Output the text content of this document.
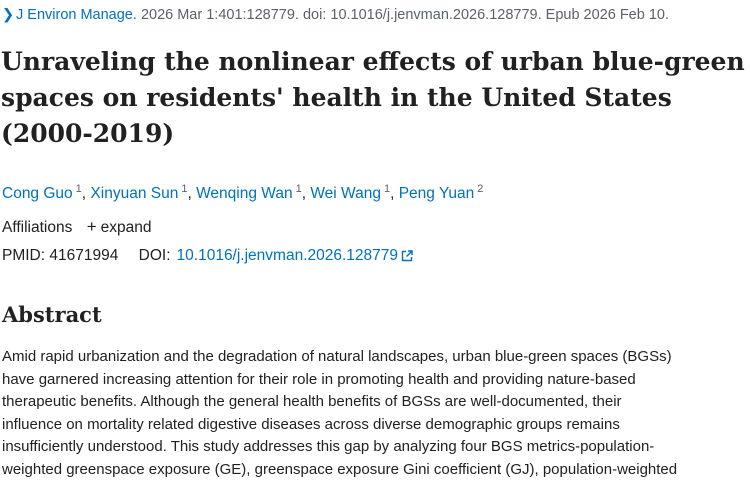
❯ J Environ Manage. 2026 Mar 1:401:128779. doi: 10.1016/j.jenvman.2026.128779. Epub 2026 Feb 10.
Unraveling the nonlinear effects of urban blue-green
spaces on residents' health in the United States
(2000-2019)
Cong Guo $^1$, Xinyuan Sun $^1$, Wenqing Wan $^1$, Wei Wang $^1$, Peng Yuan $^2$
Affiliations + expand
PMID: 41671994 DOI: 10.1016/j.jenvman.2026.128779
Abstract

Amid rapid urbanization and the degradation of natural landscapes, urban blue-green spaces (BGSs)
have garnered increasing attention for their role in promoting health and providing nature-based
therapeutic benefits. Although the general health benefits of BGSs are well-documented, their
influence on mortality related digestive diseases across diverse demographic groups remains
insufficiently understood. This study addresses this gap by analyzing four BGS metrics-population-
weighted greenspace exposure (GE), greenspace exposure Gini coefficient (GJ), population-weighted
